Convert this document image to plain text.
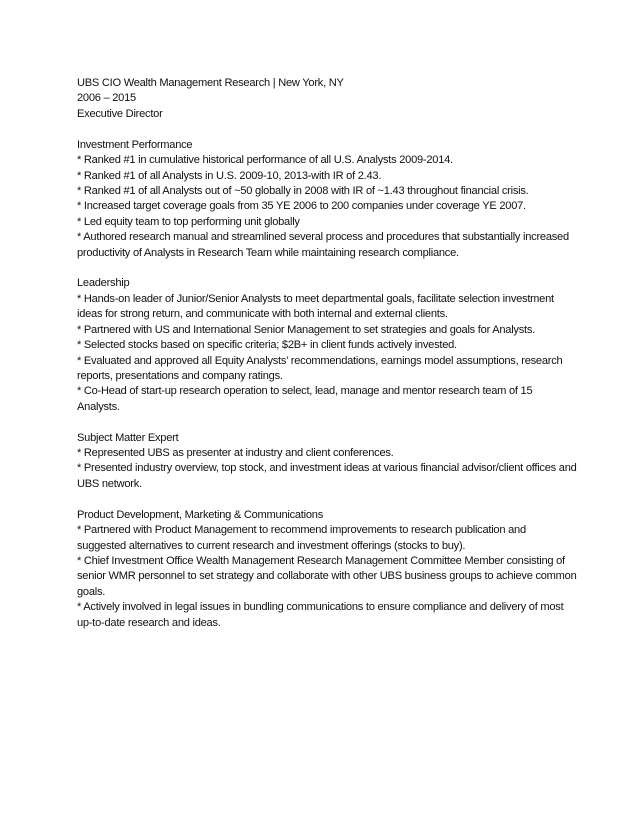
UBS CIO Wealth Management Research | New York, NY

2006 – 2015

Executive Director

Investment Performance

* Ranked #1 in cumulative historical performance of all U.S. Analysts 2009-2014.

* Ranked #1 of all Analysts in U.S. 2009-10, 2013-with IR of 2.43.

* Ranked #1 of all Analysts out of ~50 globally in 2008 with IR of ~1.43 throughout financial crisis.

* Increased target coverage goals from 35 YE 2006 to 200 companies under coverage YE 2007.

* Led equity team to top performing unit globally

* Authored research manual and streamlined several process and procedures that substantially increased productivity of Analysts in Research Team while maintaining research compliance.

Leadership

* Hands-on leader of Junior/Senior Analysts to meet departmental goals, facilitate selection investment ideas for strong return, and communicate with both internal and external clients.

* Partnered with US and International Senior Management to set strategies and goals for Analysts.

* Selected stocks based on specific criteria; $2B+ in client funds actively invested.

* Evaluated and approved all Equity Analysts’ recommendations, earnings model assumptions, research reports, presentations and company ratings.

* Co-Head of start-up research operation to select, lead, manage and mentor research team of 15 Analysts.

Subject Matter Expert

* Represented UBS as presenter at industry and client conferences.

* Presented industry overview, top stock, and investment ideas at various financial advisor/client offices and UBS network.

Product Development, Marketing & Communications

* Partnered with Product Management to recommend improvements to research publication and suggested alternatives to current research and investment offerings (stocks to buy).

* Chief Investment Office Wealth Management Research Management Committee Member consisting of senior WMR personnel to set strategy and collaborate with other UBS business groups to achieve common goals.

* Actively involved in legal issues in bundling communications to ensure compliance and delivery of most up-to-date research and ideas.
